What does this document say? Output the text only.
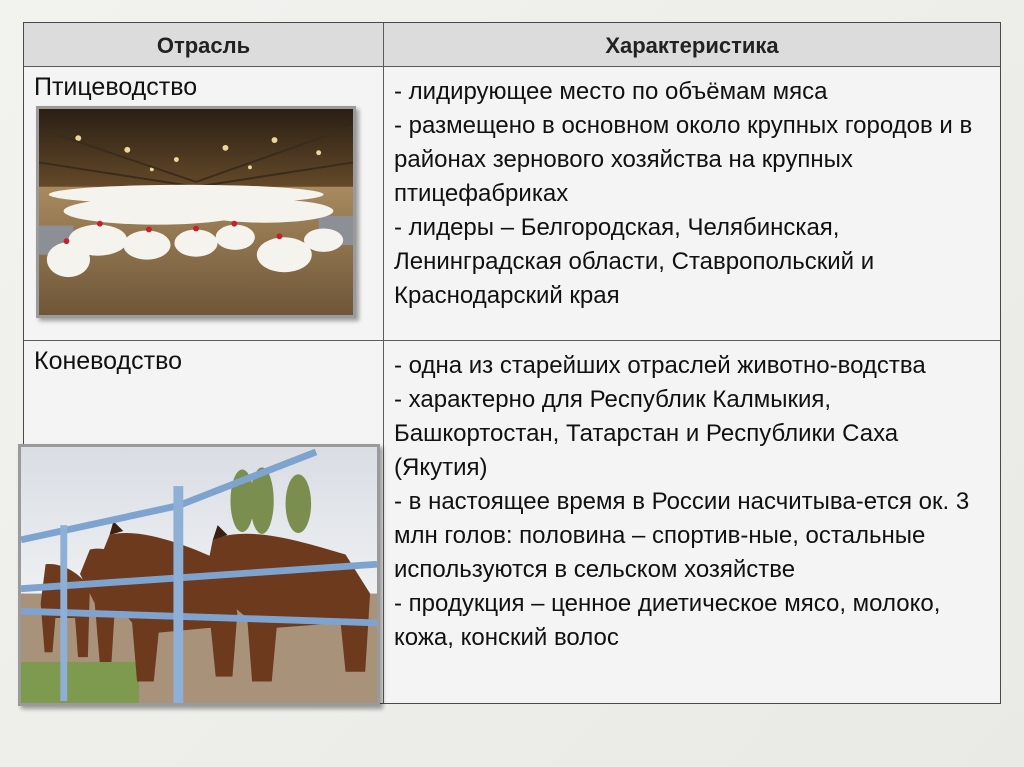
Отрасль	Характеристика
Птицеводство	- лидирующее место по объёмам мяса
- размещено в основном около крупных городов и в районах зернового хозяйства на крупных птицефабриках
- лидеры – Белгородская, Челябинская, Ленинградская области, Ставропольский и Краснодарский края
Коневодство	- одна из старейших отраслей животно-водства
- характерно для Республик Калмыкия, Башкортостан, Татарстан и Республики Саха (Якутия)
- в настоящее время в России насчитыва-ется ок. 3 млн голов: половина – спортив-ные, остальные используются в сельском хозяйстве
- продукция – ценное диетическое мясо, молоко, кожа, конский волос
